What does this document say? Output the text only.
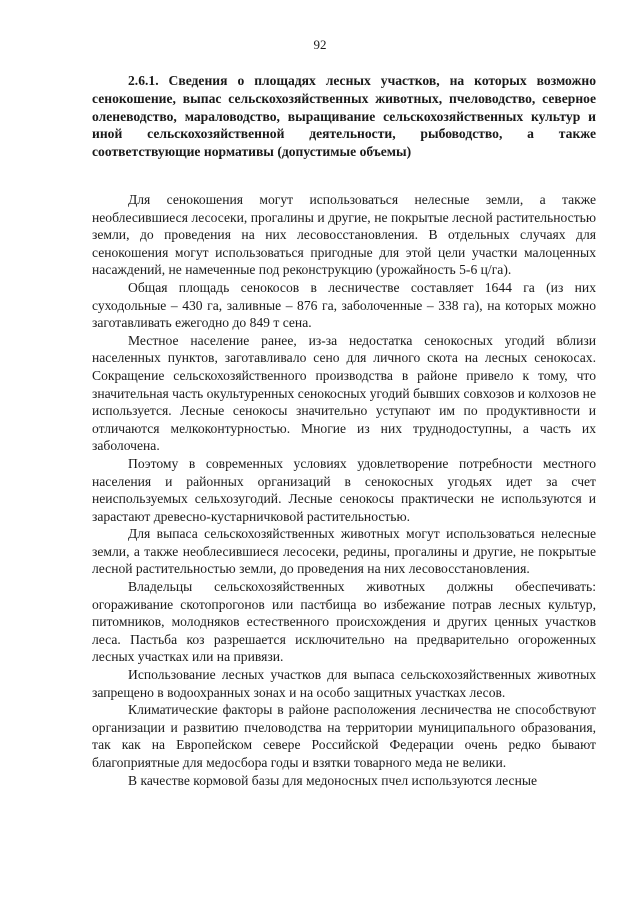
92
2.6.1. Сведения о площадях лесных участков, на которых возможно сенокошение, выпас сельскохозяйственных животных, пчеловодство, северное оленеводство, мараловодство, выращивание сельскохозяйственных культур и иной сельскохозяйственной деятельности, рыбоводство, а также соответствующие нормативы (допустимые объемы)

Для сенокошения могут использоваться нелесные земли, а также необлесившиеся лесосеки, прогалины и другие, не покрытые лесной растительностью земли, до проведения на них лесовосстановления. В отдельных случаях для сенокошения могут использоваться пригодные для этой цели участки малоценных насаждений, не намеченные под реконструкцию (урожайность 5-6 ц/га).

Общая площадь сенокосов в лесничестве составляет 1644 га (из них суходольные – 430 га, заливные – 876 га, заболоченные – 338 га), на которых можно заготавливать ежегодно до 849 т сена.

Местное население ранее, из-за недостатка сенокосных угодий вблизи населенных пунктов, заготавливало сено для личного скота на лесных сенокосах. Сокращение сельскохозяйственного производства в районе привело к тому, что значительная часть окультуренных сенокосных угодий бывших совхозов и колхозов не используется. Лесные сенокосы значительно уступают им по продуктивности и отличаются мелкоконтурностью. Многие из них труднодоступны, а часть их заболочена.

Поэтому в современных условиях удовлетворение потребности местного населения и районных организаций в сенокосных угодьях идет за счет неиспользуемых сельхозугодий. Лесные сенокосы практически не используются и зарастают древесно-кустарничковой растительностью.

Для выпаса сельскохозяйственных животных могут использоваться нелесные земли, а также необлесившиеся лесосеки, редины, прогалины и другие, не покрытые лесной растительностью земли, до проведения на них лесовосстановления.

Владельцы сельскохозяйственных животных должны обеспечивать: огораживание скотопрогонов или пастбища во избежание потрав лесных культур, питомников, молодняков естественного происхождения и других ценных участков леса. Пастьба коз разрешается исключительно на предварительно огороженных лесных участках или на привязи.

Использование лесных участков для выпаса сельскохозяйственных животных запрещено в водоохранных зонах и на особо защитных участках лесов.

Климатические факторы в районе расположения лесничества не способствуют организации и развитию пчеловодства на территории муниципального образования, так как на Европейском севере Российской Федерации очень редко бывают благоприятные для медосбора годы и взятки товарного меда не велики.

В качестве кормовой базы для медоносных пчел используются лесные
